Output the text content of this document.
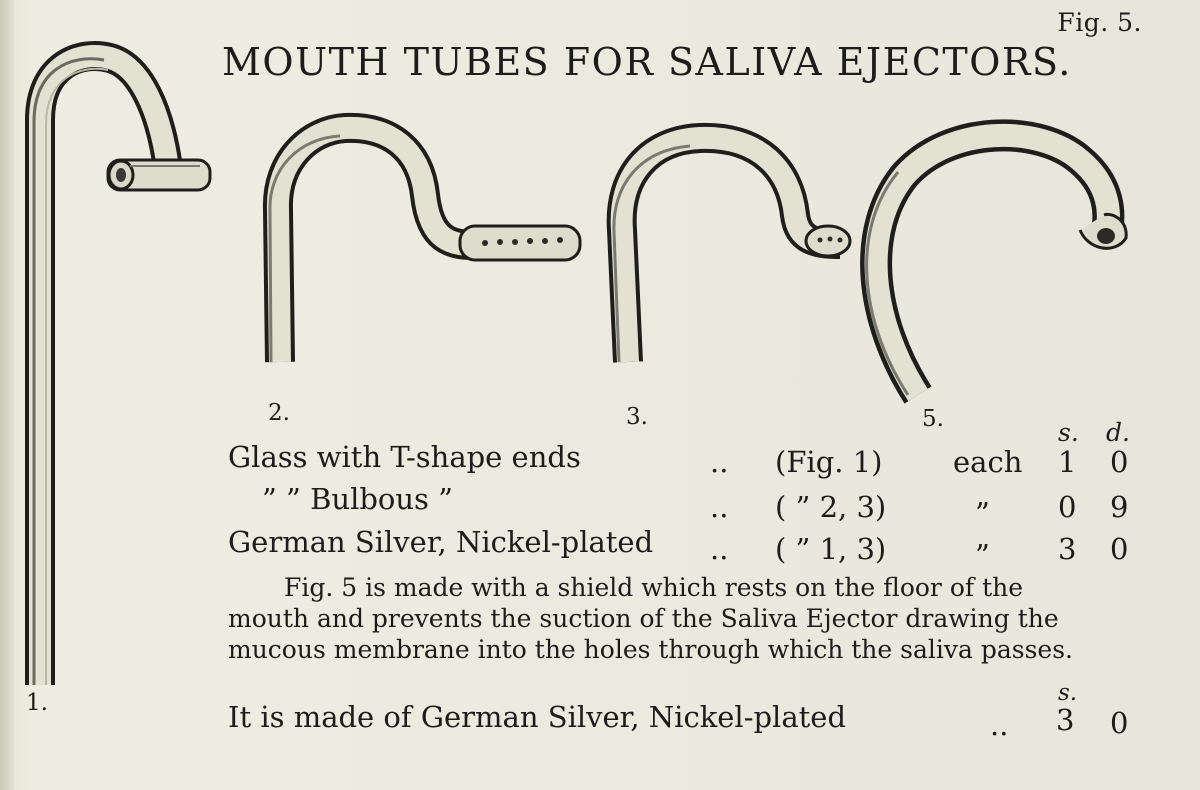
Fig. 5.
MOUTH TUBES FOR SALIVA EJECTORS.
1.
2.	3.	5.	s. d.
Glass with T-shape ends	.. (Fig. 1) each 1 0
” ” Bulbous ”	.. ( ” 2, 3)	” 0 9
German Silver, Nickel-plated .. ( ” 1, 3)	” 3 0
Fig. 5 is made with a shield which rests on the floor of the
mouth and prevents the suction of the Saliva Ejector drawing the
mucous membrane into the holes through which the saliva passes.
s.
It is made of German Silver, Nickel-plated	.. 3 0
